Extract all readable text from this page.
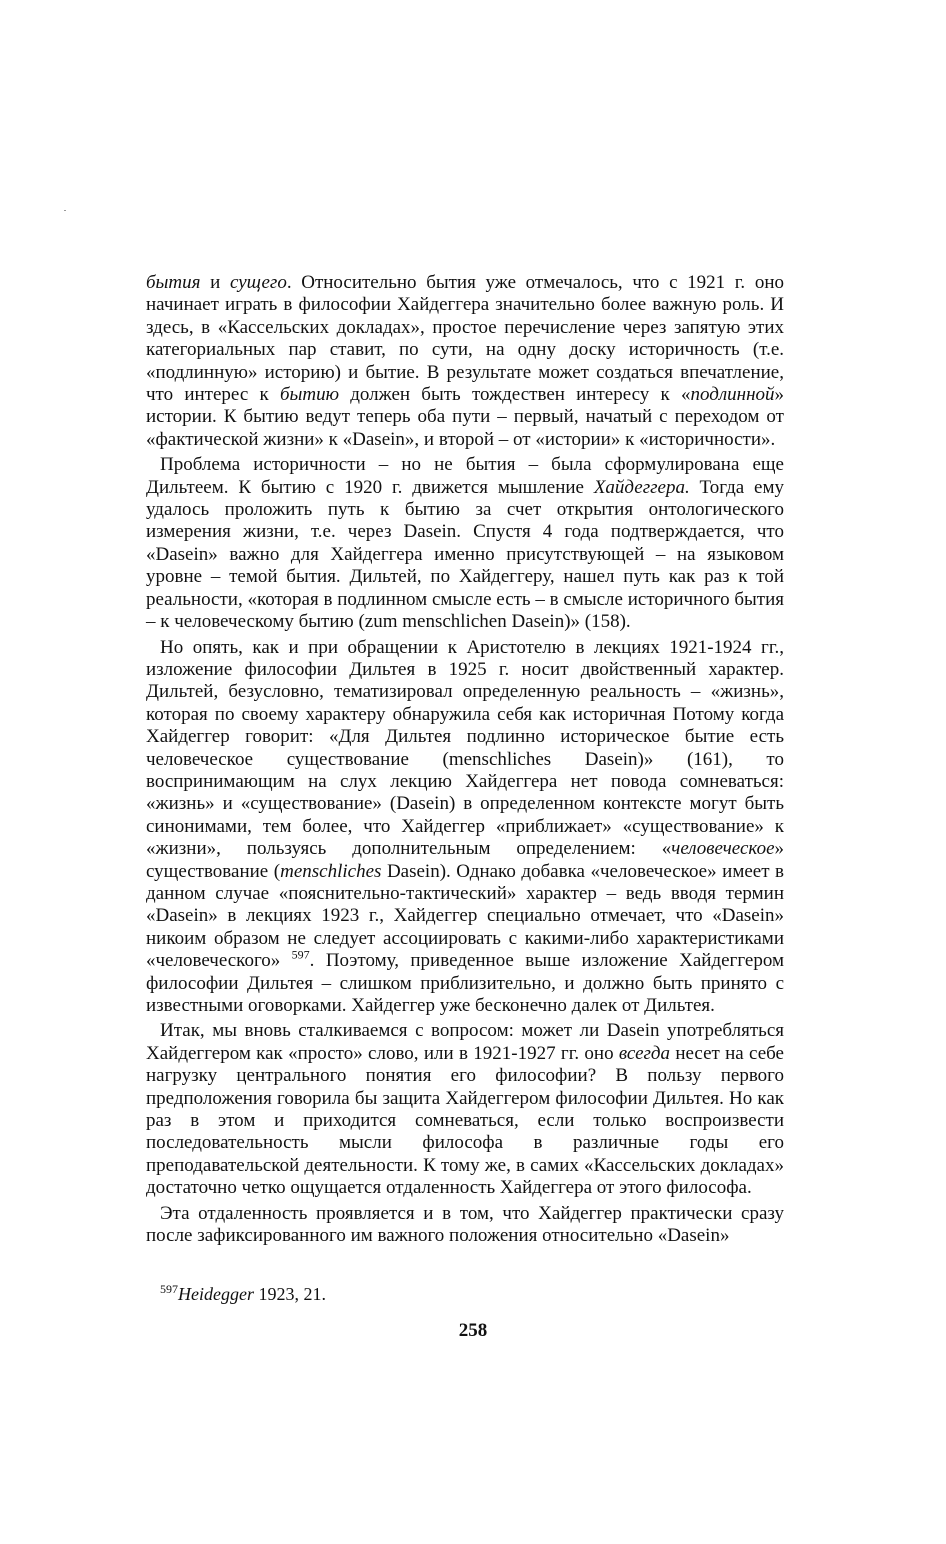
бытия и сущего. Относительно бытия уже отмечалось, что с 1921 г. оно начинает играть в философии Хайдеггера значительно более важную роль. И здесь, в «Кассельских докладах», простое перечисление через запятую этих категориальных пар ставит, по сути, на одну доску историчность (т.е. «подлинную» историю) и бытие. В результате может создаться впечатление, что интерес к бытию должен быть тождествен интересу к «подлинной» истории. К бытию ведут теперь оба пути – первый, начатый с переходом от «фактической жизни» к «Dasein», и второй – от «истории» к «историчности».

Проблема историчности – но не бытия – была сформулирована еще Дильтеем. К бытию с 1920 г. движется мышление Хайдеггера. Тогда ему удалось проложить путь к бытию за счет открытия онтологического измерения жизни, т.е. через Dasein. Спустя 4 года подтверждается, что «Dasein» важно для Хайдеггера именно присутствующей – на языковом уровне – темой бытия. Дильтей, по Хайдеггеру, нашел путь как раз к той реальности, «которая в подлинном смысле есть – в смысле историчного бытия – к человеческому бытию (zum menschlichen Dasein)» (158).

Но опять, как и при обращении к Аристотелю в лекциях 1921-1924 гг., изложение философии Дильтея в 1925 г. носит двойственный характер. Дильтей, безусловно, тематизировал определенную реальность – «жизнь», которая по своему характеру обнаружила себя как историчная Потому когда Хайдеггер говорит: «Для Дильтея подлинно историческое бытие есть человеческое существование (menschliches Dasein)» (161), то воспринимающим на слух лекцию Хайдеггера нет повода сомневаться: «жизнь» и «существование» (Dasein) в определенном контексте могут быть синонимами, тем более, что Хайдеггер «приближает» «существование» к «жизни», пользуясь дополнительным определением: «человеческое» существование (menschliches Dasein). Однако добавка «человеческое» имеет в данном случае «пояснительно-тактический» характер – ведь вводя термин «Dasein» в лекциях 1923 г., Хайдеггер специально отмечает, что «Dasein» никоим образом не следует ассоциировать с какими-либо характеристиками «человеческого» $^{597}$. Поэтому, приведенное выше изложение Хайдеггером философии Дильтея – слишком приблизительно, и должно быть принято с известными оговорками. Хайдеггер уже бесконечно далек от Дильтея.

Итак, мы вновь сталкиваемся с вопросом: может ли Dasein употребляться Хайдеггером как «просто» слово, или в 1921-1927 гг. оно всегда несет на себе нагрузку центрального понятия его философии? В пользу первого предположения говорила бы защита Хайдеггером философии Дильтея. Но как раз в этом и приходится сомневаться, если только воспроизвести последовательность мысли философа в различные годы его преподавательской деятельности. К тому же, в самих «Кассельских докладах» достаточно четко ощущается отдаленность Хайдеггера от этого философа.

Эта отдаленность проявляется и в том, что Хайдеггер практически сразу после зафиксированного им важного положения относительно «Dasein»

$^{597}$Heidegger 1923, 21.
258
